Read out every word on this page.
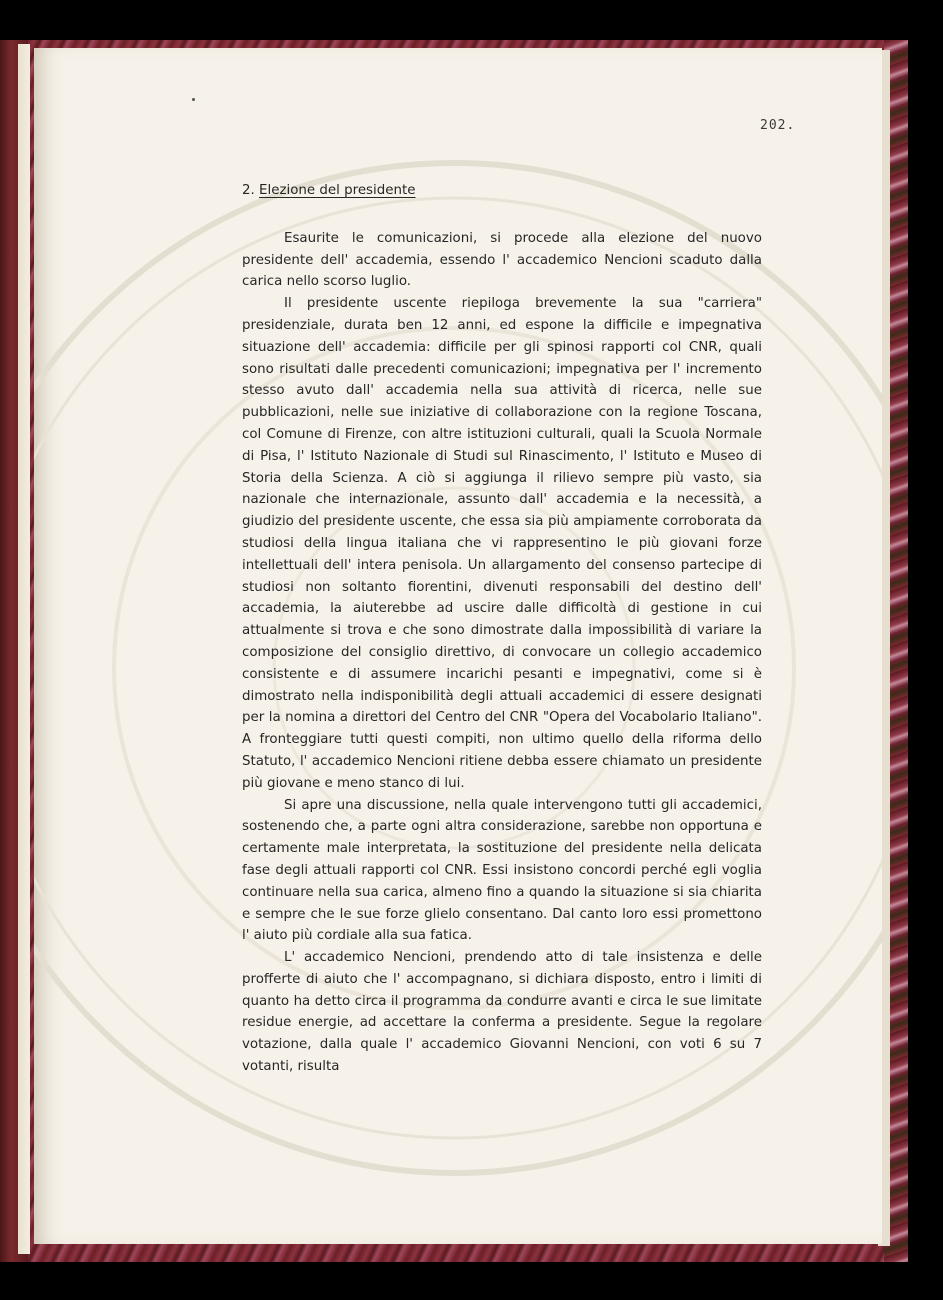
202.
2. Elezione del presidente

Esaurite le comunicazioni, si procede alla elezione del nuovo presidente dell' accademia, essendo l' accademico Nencioni scaduto dalla carica nello scorso luglio.

Il presidente uscente riepiloga brevemente la sua "carriera" presidenziale, durata ben 12 anni, ed espone la difficile e impegnativa situazione dell' accademia: difficile per gli spinosi rapporti col CNR, quali sono risultati dalle precedenti comunicazioni; impegnativa per l' incremento stesso avuto dall' accademia nella sua attività di ricerca, nelle sue pubblicazioni, nelle sue iniziative di collaborazione con la regione Toscana, col Comune di Firenze, con altre istituzioni culturali, quali la Scuola Normale di Pisa, l' Istituto Nazionale di Studi sul Rinascimento, l' Istituto e Museo di Storia della Scienza. A ciò si aggiunga il rilievo sempre più vasto, sia nazionale che internazionale, assunto dall' accademia e la necessità, a giudizio del presidente uscente, che essa sia più ampiamente corroborata da studiosi della lingua italiana che vi rappresentino le più giovani forze intellettuali dell' intera penisola. Un allargamento del consenso partecipe di studiosi non soltanto fiorentini, divenuti responsabili del destino dell' accademia, la aiuterebbe ad uscire dalle difficoltà di gestione in cui attualmente si trova e che sono dimostrate dalla impossibilità di variare la composizione del consiglio direttivo, di convocare un collegio accademico consistente e di assumere incarichi pesanti e impegnativi, come si è dimostrato nella indisponibilità degli attuali accademici di essere designati per la nomina a direttori del Centro del CNR "Opera del Vocabolario Italiano". A fronteggiare tutti questi compiti, non ultimo quello della riforma dello Statuto, l' accademico Nencioni ritiene debba essere chiamato un presidente più giovane e meno stanco di lui.

Si apre una discussione, nella quale intervengono tutti gli accademici, sostenendo che, a parte ogni altra considerazione, sarebbe non opportuna e certamente male interpretata, la sostituzione del presidente nella delicata fase degli attuali rapporti col CNR. Essi insistono concordi perché egli voglia continuare nella sua carica, almeno fino a quando la situazione si sia chiarita e sempre che le sue forze glielo consentano. Dal canto loro essi promettono l' aiuto più cordiale alla sua fatica.

L' accademico Nencioni, prendendo atto di tale insistenza e delle profferte di aiuto che l' accompagnano, si dichiara disposto, entro i limiti di quanto ha detto circa il programma da condurre avanti e circa le sue limitate residue energie, ad accettare la conferma a presidente. Segue la regolare votazione, dalla quale l' accademico Giovanni Nencioni, con voti 6 su 7 votanti, risulta
